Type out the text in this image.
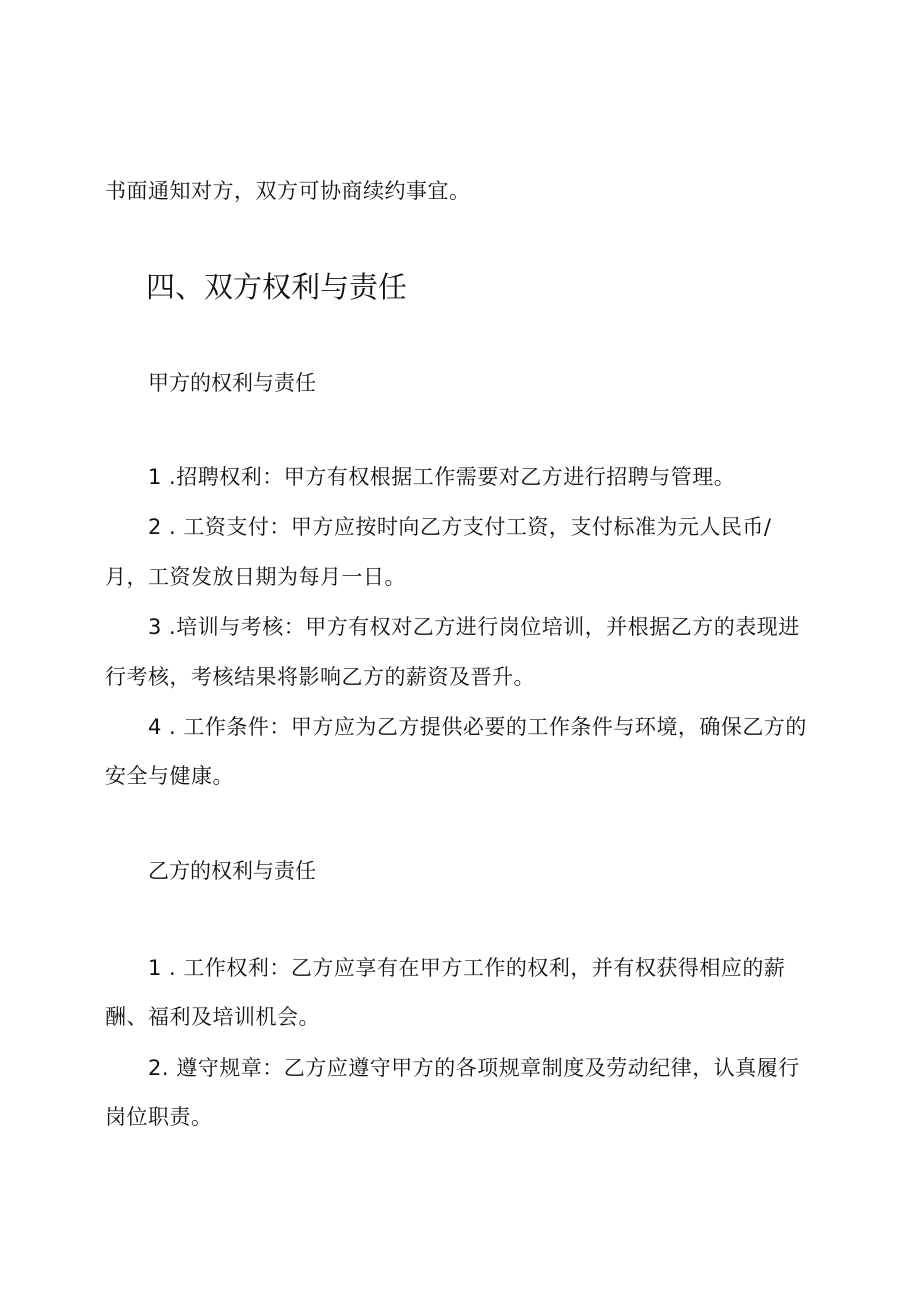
书面通知对方，双方可协商续约事宜。
四、双方权利与责任
甲方的权利与责任
1 .招聘权利：甲方有权根据工作需要对乙方进行招聘与管理。
2 . 工资支付：甲方应按时向乙方支付工资，支付标准为元人民币/
月，工资发放日期为每月一日。
3 .培训与考核：甲方有权对乙方进行岗位培训，并根据乙方的表现进
行考核，考核结果将影响乙方的薪资及晋升。
4 . 工作条件：甲方应为乙方提供必要的工作条件与环境，确保乙方的
安全与健康。
乙方的权利与责任
1 . 工作权利：乙方应享有在甲方工作的权利，并有权获得相应的薪
酬、福利及培训机会。
2. 遵守规章：乙方应遵守甲方的各项规章制度及劳动纪律，认真履行
岗位职责。
